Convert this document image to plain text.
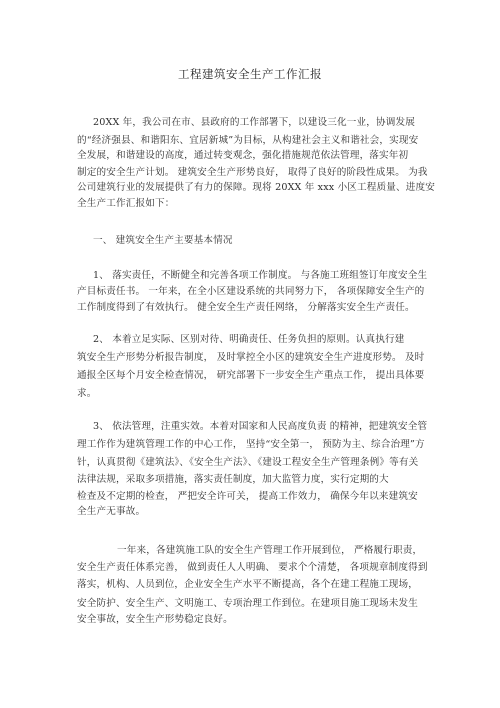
工程建筑安全生产工作汇报
20XX 年，我公司在市、县政府的工作部署下，以建设三化一业，协调发展
的“经济强县、和谐阳东、宜居新城”为目标，从构建社会主义和谐社会，实现安
全发展，和谐建设的高度，通过转变观念，强化措施规范依法管理，落实年初
制定的安全生产计划。 建筑安全生产形势良好， 取得了良好的阶段性成果。 为我
公司建筑行业的发展提供了有力的保障。现将 20XX 年 xxx 小区工程质量、进度安
全生产工作汇报如下：
一、 建筑安全生产主要基本情况
1、 落实责任，不断健全和完善各项工作制度。 与各施工班组签订年度安全生
产目标责任书。 一年来，在全小区建设系统的共同努力下， 各项保障安全生产的
工作制度得到了有效执行。 健全安全生产责任网络， 分解落实安全生产责任。
2、 本着立足实际、区别对待、明确责任、任务负担的原则。认真执行建
筑安全生产形势分析报告制度， 及时掌控全小区的建筑安全生产进度形势。 及时
通报全区每个月安全检查情况， 研究部署下一步安全生产重点工作， 提出具体要
求。
3、 依法管理，注重实效。本着对国家和人民高度负责 的精神，把建筑安全管
理工作作为建筑管理工作的中心工作， 坚持“安全第一， 预防为主、综合治理”方
针，认真贯彻《建筑法》、《安全生产法》、《建设工程安全生产管理条例》等有关
法律法规，采取多项措施，落实责任制度，加大监管力度，实行定期的大
检查及不定期的检查， 严把安全许可关， 提高工作效力， 确保今年以来建筑安
全生产无事故。
一年来，各建筑施工队的安全生产管理工作开展到位， 严格履行职责，
安全生产责任体系完善， 做到责任人人明确、 要求个个清楚， 各项规章制度得到
落实，机构、人员到位，企业安全生产水平不断提高，各个在建工程施工现场，
安全防护、安全生产、文明施工、专项治理工作到位。在建项目施工现场未发生
安全事故，安全生产形势稳定良好。
